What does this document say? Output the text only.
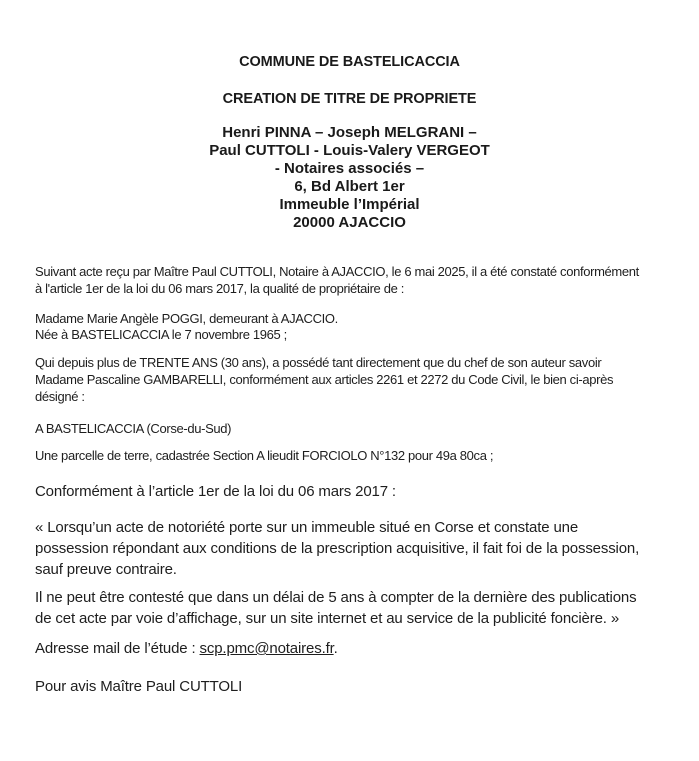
COMMUNE DE BASTELICACCIA
CREATION DE TITRE DE PROPRIETE
Henri PINNA – Joseph MELGRANI –
Paul CUTTOLI - Louis-Valery VERGEOT
- Notaires associés –
6, Bd Albert 1er
Immeuble l’Impérial
20000 AJACCIO
Suivant acte reçu par Maître Paul CUTTOLI, Notaire à AJACCIO, le 6 mai 2025, il a été constaté conformément
à l'article 1er de la loi du 06 mars 2017, la qualité de propriétaire de :
Madame Marie Angèle POGGI, demeurant à AJACCIO.
Née à BASTELICACCIA le 7 novembre 1965 ;
Qui depuis plus de TRENTE ANS (30 ans), a possédé tant directement que du chef de son auteur savoir
Madame Pascaline GAMBARELLI, conformément aux articles 2261 et 2272 du Code Civil, le bien ci-après
désigné :
A BASTELICACCIA (Corse-du-Sud)
Une parcelle de terre, cadastrée Section A lieudit FORCIOLO N°132 pour 49a 80ca ;
Conformément à l’article 1er de la loi du 06 mars 2017 :
« Lorsqu’un acte de notoriété porte sur un immeuble situé en Corse et constate une
possession répondant aux conditions de la prescription acquisitive, il fait foi de la possession,
sauf preuve contraire.
Il ne peut être contesté que dans un délai de 5 ans à compter de la dernière des publications
de cet acte par voie d’affichage, sur un site internet et au service de la publicité foncière. »
Adresse mail de l’étude : scp.pmc@notaires.fr.
Pour avis Maître Paul CUTTOLI
